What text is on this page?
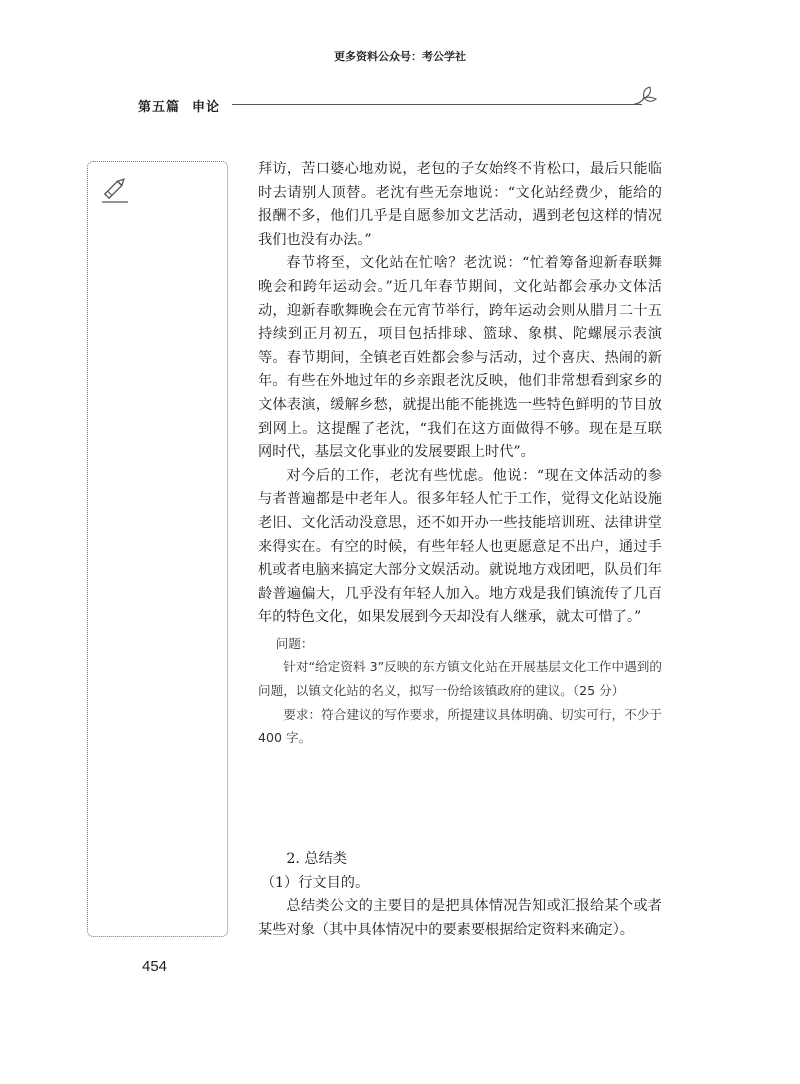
更多资料公众号：考公学社
第五篇 申论

拜访，苦口婆心地劝说，老包的子女始终不肯松口，最后只能临时去请别人顶替。老沈有些无奈地说：“文化站经费少，能给的报酬不多，他们几乎是自愿参加文艺活动，遇到老包这样的情况我们也没有办法。”

春节将至，文化站在忙啥？老沈说：“忙着筹备迎新春联舞晚会和跨年运动会。”近几年春节期间，文化站都会承办文体活动，迎新春歌舞晚会在元宵节举行，跨年运动会则从腊月二十五持续到正月初五，项目包括排球、篮球、象棋、陀螺展示表演等。春节期间，全镇老百姓都会参与活动，过个喜庆、热闹的新年。有些在外地过年的乡亲跟老沈反映，他们非常想看到家乡的文体表演，缓解乡愁，就提出能不能挑选一些特色鲜明的节目放到网上。这提醒了老沈，“我们在这方面做得不够。现在是互联网时代，基层文化事业的发展要跟上时代”。

对今后的工作，老沈有些忧虑。他说：“现在文体活动的参与者普遍都是中老年人。很多年轻人忙于工作，觉得文化站设施老旧、文化活动没意思，还不如开办一些技能培训班、法律讲堂来得实在。有空的时候，有些年轻人也更愿意足不出户，通过手机或者电脑来搞定大部分文娱活动。就说地方戏团吧，队员们年龄普遍偏大，几乎没有年轻人加入。地方戏是我们镇流传了几百年的特色文化，如果发展到今天却没有人继承，就太可惜了。”

问题：

针对“给定资料 3”反映的东方镇文化站在开展基层文化工作中遇到的问题，以镇文化站的名义，拟写一份给该镇政府的建议。（25 分）

要求：符合建议的写作要求，所提建议具体明确、切实可行，不少于 400 字。

2. 总结类

（1）行文目的。

总结类公文的主要目的是把具体情况告知或汇报给某个或者某些对象（其中具体情况中的要素要根据给定资料来确定）。

454
